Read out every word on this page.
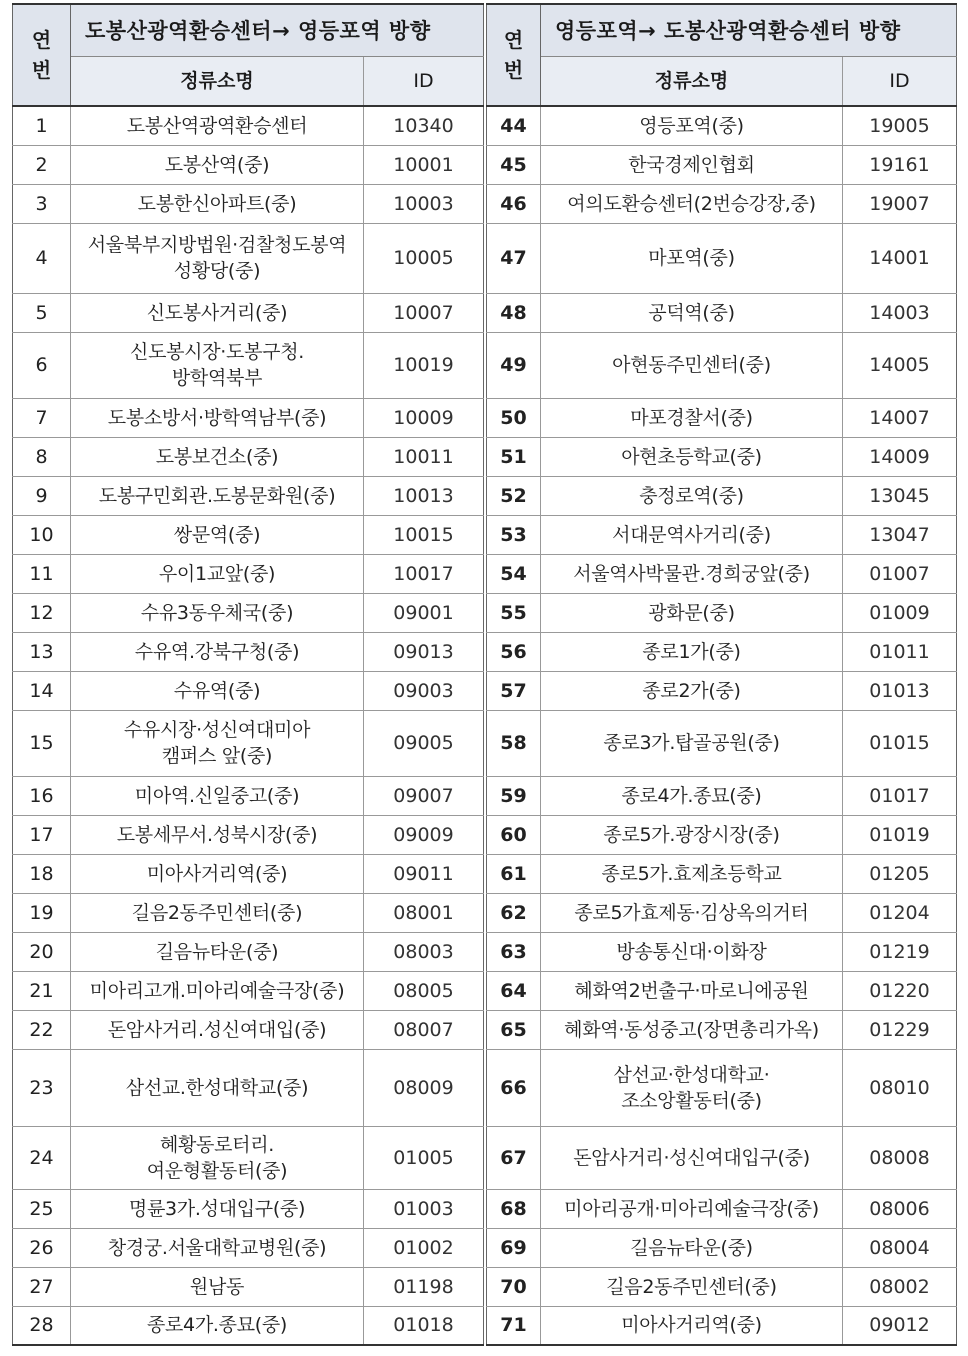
연
번	도봉산광역환승센터→ 영등포역 방향	
	정류소명	ID
1	도봉산역광역환승센터	10340
2	도봉산역(중)	10001
3	도봉한신아파트(중)	10003
4	서울북부지방법원·검찰청도봉역
성황당(중)	10005
5	신도봉사거리(중)	10007
6	신도봉시장·도봉구청.
방학역북부	10019
7	도봉소방서·방학역남부(중)	10009
8	도봉보건소(중)	10011
9	도봉구민회관.도봉문화원(중)	10013
10	쌍문역(중)	10015
11	우이1교앞(중)	10017
12	수유3동우체국(중)	09001
13	수유역.강북구청(중)	09013
14	수유역(중)	09003
15	수유시장·성신여대미아
캠퍼스 앞(중)	09005
16	미아역.신일중고(중)	09007
17	도봉세무서.성북시장(중)	09009
18	미아사거리역(중)	09011
19	길음2동주민센터(중)	08001
20	길음뉴타운(중)	08003
21	미아리고개.미아리예술극장(중)	08005
22	돈암사거리.성신여대입(중)	08007
23	삼선교.한성대학교(중)	08009
24	혜황동로터리.
여운형활동터(중)	01005
25	명륜3가.성대입구(중)	01003
26	창경궁.서울대학교병원(중)	01002
27	원남동	01198
28	종로4가.종묘(중)	01018
연
번	영등포역→ 도봉산광역환승센터 방향	
	정류소명	ID
44	영등포역(중)	19005
45	한국경제인협회	19161
46	여의도환승센터(2번승강장,중)	19007
47	마포역(중)	14001
48	공덕역(중)	14003
49	아현동주민센터(중)	14005
50	마포경찰서(중)	14007
51	아현초등학교(중)	14009
52	충정로역(중)	13045
53	서대문역사거리(중)	13047
54	서울역사박물관.경희궁앞(중)	01007
55	광화문(중)	01009
56	종로1가(중)	01011
57	종로2가(중)	01013
58	종로3가.탑골공원(중)	01015
59	종로4가.종묘(중)	01017
60	종로5가.광장시장(중)	01019
61	종로5가.효제초등학교	01205
62	종로5가효제동·김상옥의거터	01204
63	방송통신대·이화장	01219
64	혜화역2번출구·마로니에공원	01220
65	혜화역·동성중고(장면총리가옥)	01229
66	삼선교·한성대학교·
조소앙활동터(중)	08010
67	돈암사거리·성신여대입구(중)	08008
68	미아리공개·미아리예술극장(중)	08006
69	길음뉴타운(중)	08004
70	길음2동주민센터(중)	08002
71	미아사거리역(중)	09012
